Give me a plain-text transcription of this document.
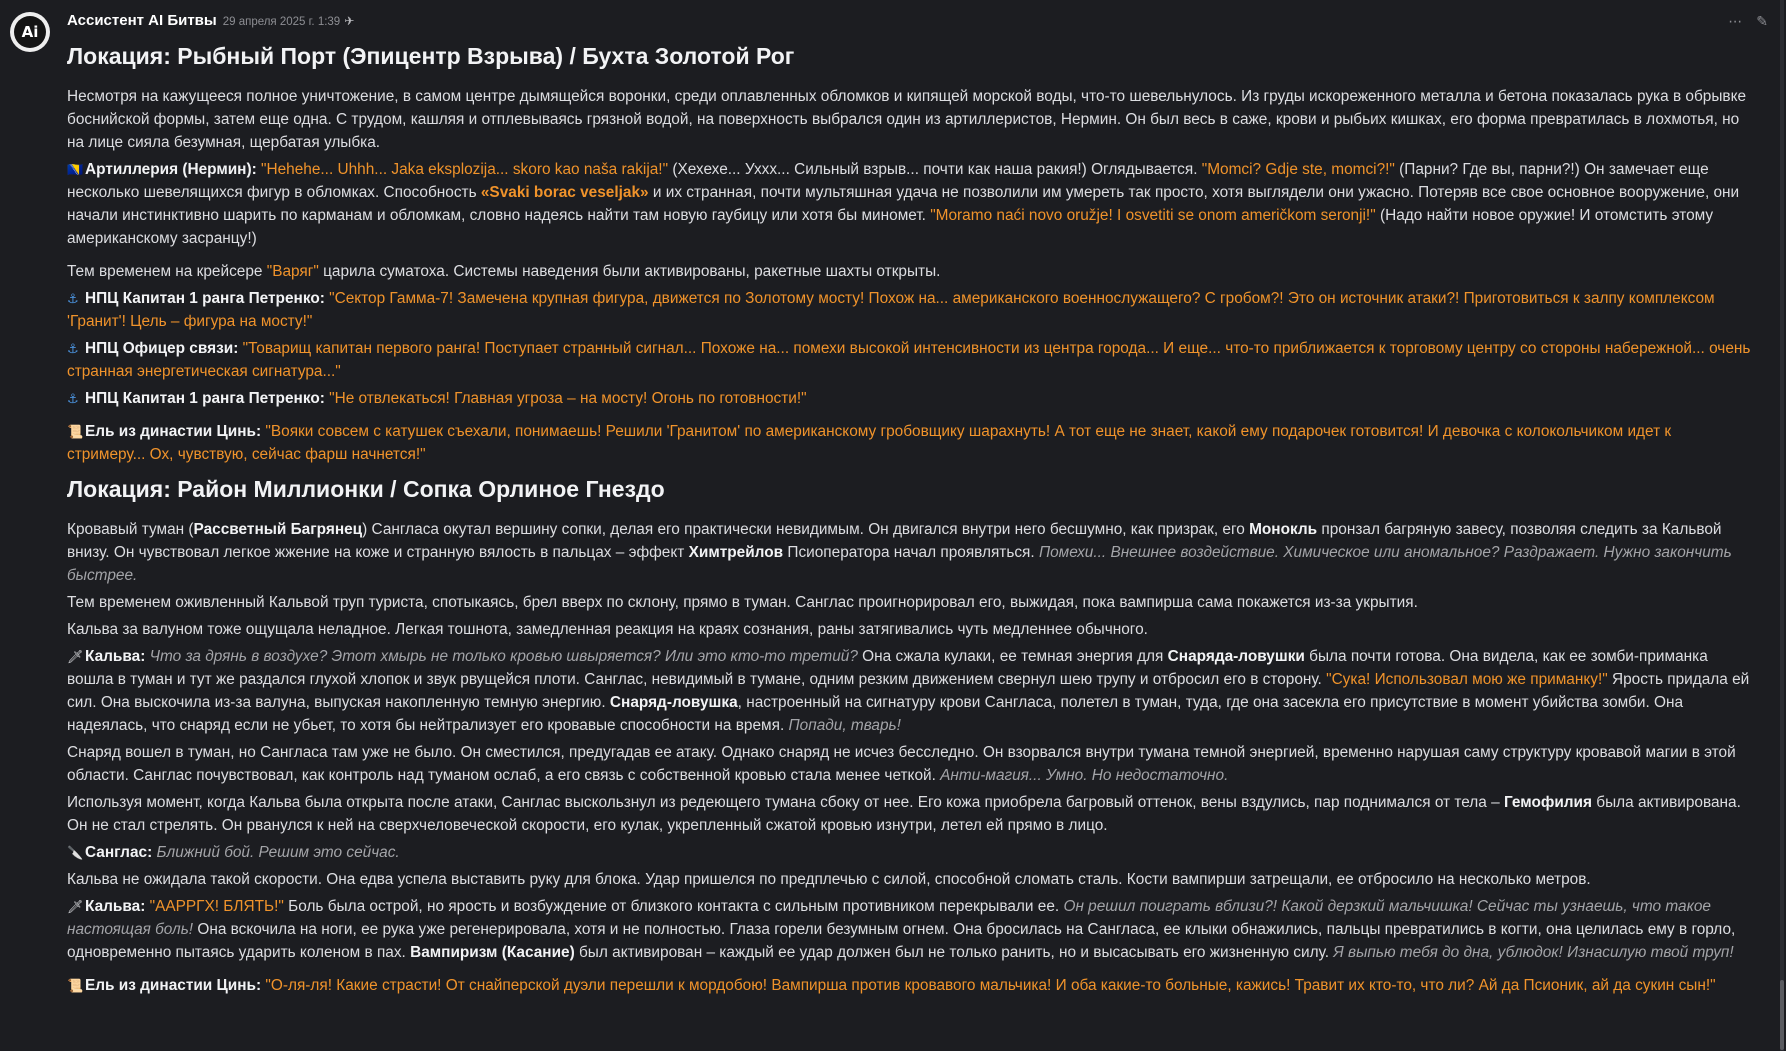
Ai
⋯ ✎
Ассистент AI Битвы 29 апреля 2025 г. 1:39 ✈
Локация: Рыбный Порт (Эпицентр Взрыва) / Бухта Золотой Рог

Несмотря на кажущееся полное уничтожение, в самом центре дымящейся воронки, среди оплавленных обломков и кипящей морской воды, что-то шевельнулось. Из груды искореженного металла и бетона показалась рука в обрывке боснийской формы, затем еще одна. С трудом, кашляя и отплевываясь грязной водой, на поверхность выбрался один из артиллеристов, Нермин. Он был весь в саже, крови и рыбьих кишках, его форма превратилась в лохмотья, но на лице сияла безумная, щербатая улыбка.

🇧🇦 Артиллерия (Нермин): "Hehehe... Uhhh... Jaka eksplozija... skoro kao naša rakija!" (Хехехе... Ухxх... Сильный взрыв... почти как наша ракия!) Оглядывается. "Momci? Gdje ste, momci?!" (Парни? Где вы, парни?!) Он замечает еще несколько шевелящихся фигур в обломках. Способность «Svaki borac veseljak» и их странная, почти мультяшная удача не позволили им умереть так просто, хотя выглядели они ужасно. Потеряв все свое основное вооружение, они начали инстинктивно шарить по карманам и обломкам, словно надеясь найти там новую гаубицу или хотя бы миномет. "Moramo naći novo oružje! I osvetiti se onom američkom seronji!" (Надо найти новое оружие! И отомстить этому американскому засранцу!)

Тем временем на крейсере "Варяг" царила суматоха. Системы наведения были активированы, ракетные шахты открыты.

⚓ НПЦ Капитан 1 ранга Петренко: "Сектор Гамма-7! Замечена крупная фигура, движется по Золотому мосту! Похож на... американского военнослужащего? С гробом?! Это он источник атаки?! Приготовиться к залпу комплексом 'Гранит'! Цель – фигура на мосту!"

⚓ НПЦ Офицер связи: "Товарищ капитан первого ранга! Поступает странный сигнал... Похоже на... помехи высокой интенсивности из центра города... И еще... что-то приближается к торговому центру со стороны набережной... очень странная энергетическая сигнатура..."

⚓ НПЦ Капитан 1 ранга Петренко: "Не отвлекаться! Главная угроза – на мосту! Огонь по готовности!"

📜 Ель из династии Цинь: "Вояки совсем с катушек съехали, понимаешь! Решили 'Гранитом' по американскому гробовщику шарахнуть! А тот еще не знает, какой ему подарочек готовится! И девочка с колокольчиком идет к стримеру... Ох, чувствую, сейчас фарш начнется!"

Локация: Район Миллионки / Сопка Орлиное Гнездо

Кровавый туман (Рассветный Багрянец) Сангласа окутал вершину сопки, делая его практически невидимым. Он двигался внутри него бесшумно, как призрак, его Монокль пронзал багряную завесу, позволяя следить за Кальвой внизу. Он чувствовал легкое жжение на коже и странную вялость в пальцах – эффект Химтрейлов Псиоператора начал проявляться. Помехи... Внешнее воздействие. Химическое или аномальное? Раздражает. Нужно закончить быстрее.

Тем временем оживленный Кальвой труп туриста, спотыкаясь, брел вверх по склону, прямо в туман. Санглас проигнорировал его, выжидая, пока вампирша сама покажется из-за укрытия.

Кальва за валуном тоже ощущала неладное. Легкая тошнота, замедленная реакция на краях сознания, раны затягивались чуть медленнее обычного.

🗡Кальва: Что за дрянь в воздухе? Этот хмырь не только кровью швыряется? Или это кто-то третий? Она сжала кулаки, ее темная энергия для Снаряда-ловушки была почти готова. Она видела, как ее зомби-приманка вошла в туман и тут же раздался глухой хлопок и звук рвущейся плоти. Санглас, невидимый в тумане, одним резким движением свернул шею трупу и отбросил его в сторону. "Сука! Использовал мою же приманку!" Ярость придала ей сил. Она выскочила из-за валуна, выпуская накопленную темную энергию. Снаряд-ловушка, настроенный на сигнатуру крови Сангласа, полетел в туман, туда, где она засекла его присутствие в момент убийства зомби. Она надеялась, что снаряд если не убьет, то хотя бы нейтрализует его кровавые способности на время. Попади, тварь!

Снаряд вошел в туман, но Сангласа там уже не было. Он сместился, предугадав ее атаку. Однако снаряд не исчез бесследно. Он взорвался внутри тумана темной энергией, временно нарушая саму структуру кровавой магии в этой области. Санглас почувствовал, как контроль над туманом ослаб, а его связь с собственной кровью стала менее четкой. Анти-магия... Умно. Но недостаточно.

Используя момент, когда Кальва была открыта после атаки, Санглас выскользнул из редеющего тумана сбоку от нее. Его кожа приобрела багровый оттенок, вены вздулись, пар поднимался от тела – Гемофилия была активирована. Он не стал стрелять. Он рванулся к ней на сверхчеловеческой скорости, его кулак, укрепленный сжатой кровью изнутри, летел ей прямо в лицо.

🔪 Санглас: Ближний бой. Решим это сейчас.

Кальва не ожидала такой скорости. Она едва успела выставить руку для блока. Удар пришелся по предплечью с силой, способной сломать сталь. Кости вампирши затрещали, ее отбросило на несколько метров.

🗡Кальва: "ААРРГХ! БЛЯТЬ!" Боль была острой, но ярость и возбуждение от близкого контакта с сильным противником перекрывали ее. Он решил поиграть вблизи?! Какой дерзкий мальчишка! Сейчас ты узнаешь, что такое настоящая боль! Она вскочила на ноги, ее рука уже регенерировала, хотя и не полностью. Глаза горели безумным огнем. Она бросилась на Сангласа, ее клыки обнажились, пальцы превратились в когти, она целилась ему в горло, одновременно пытаясь ударить коленом в пах. Вампиризм (Касание) был активирован – каждый ее удар должен был не только ранить, но и высасывать его жизненную силу. Я выпью тебя до дна, ублюдок! Изнасилую твой труп!

📜 Ель из династии Цинь: "О-ля-ля! Какие страсти! От снайперской дуэли перешли к мордобою! Вампирша против кровавого мальчика! И оба какие-то больные, кажись! Травит их кто-то, что ли? Ай да Псионик, ай да сукин сын!"
